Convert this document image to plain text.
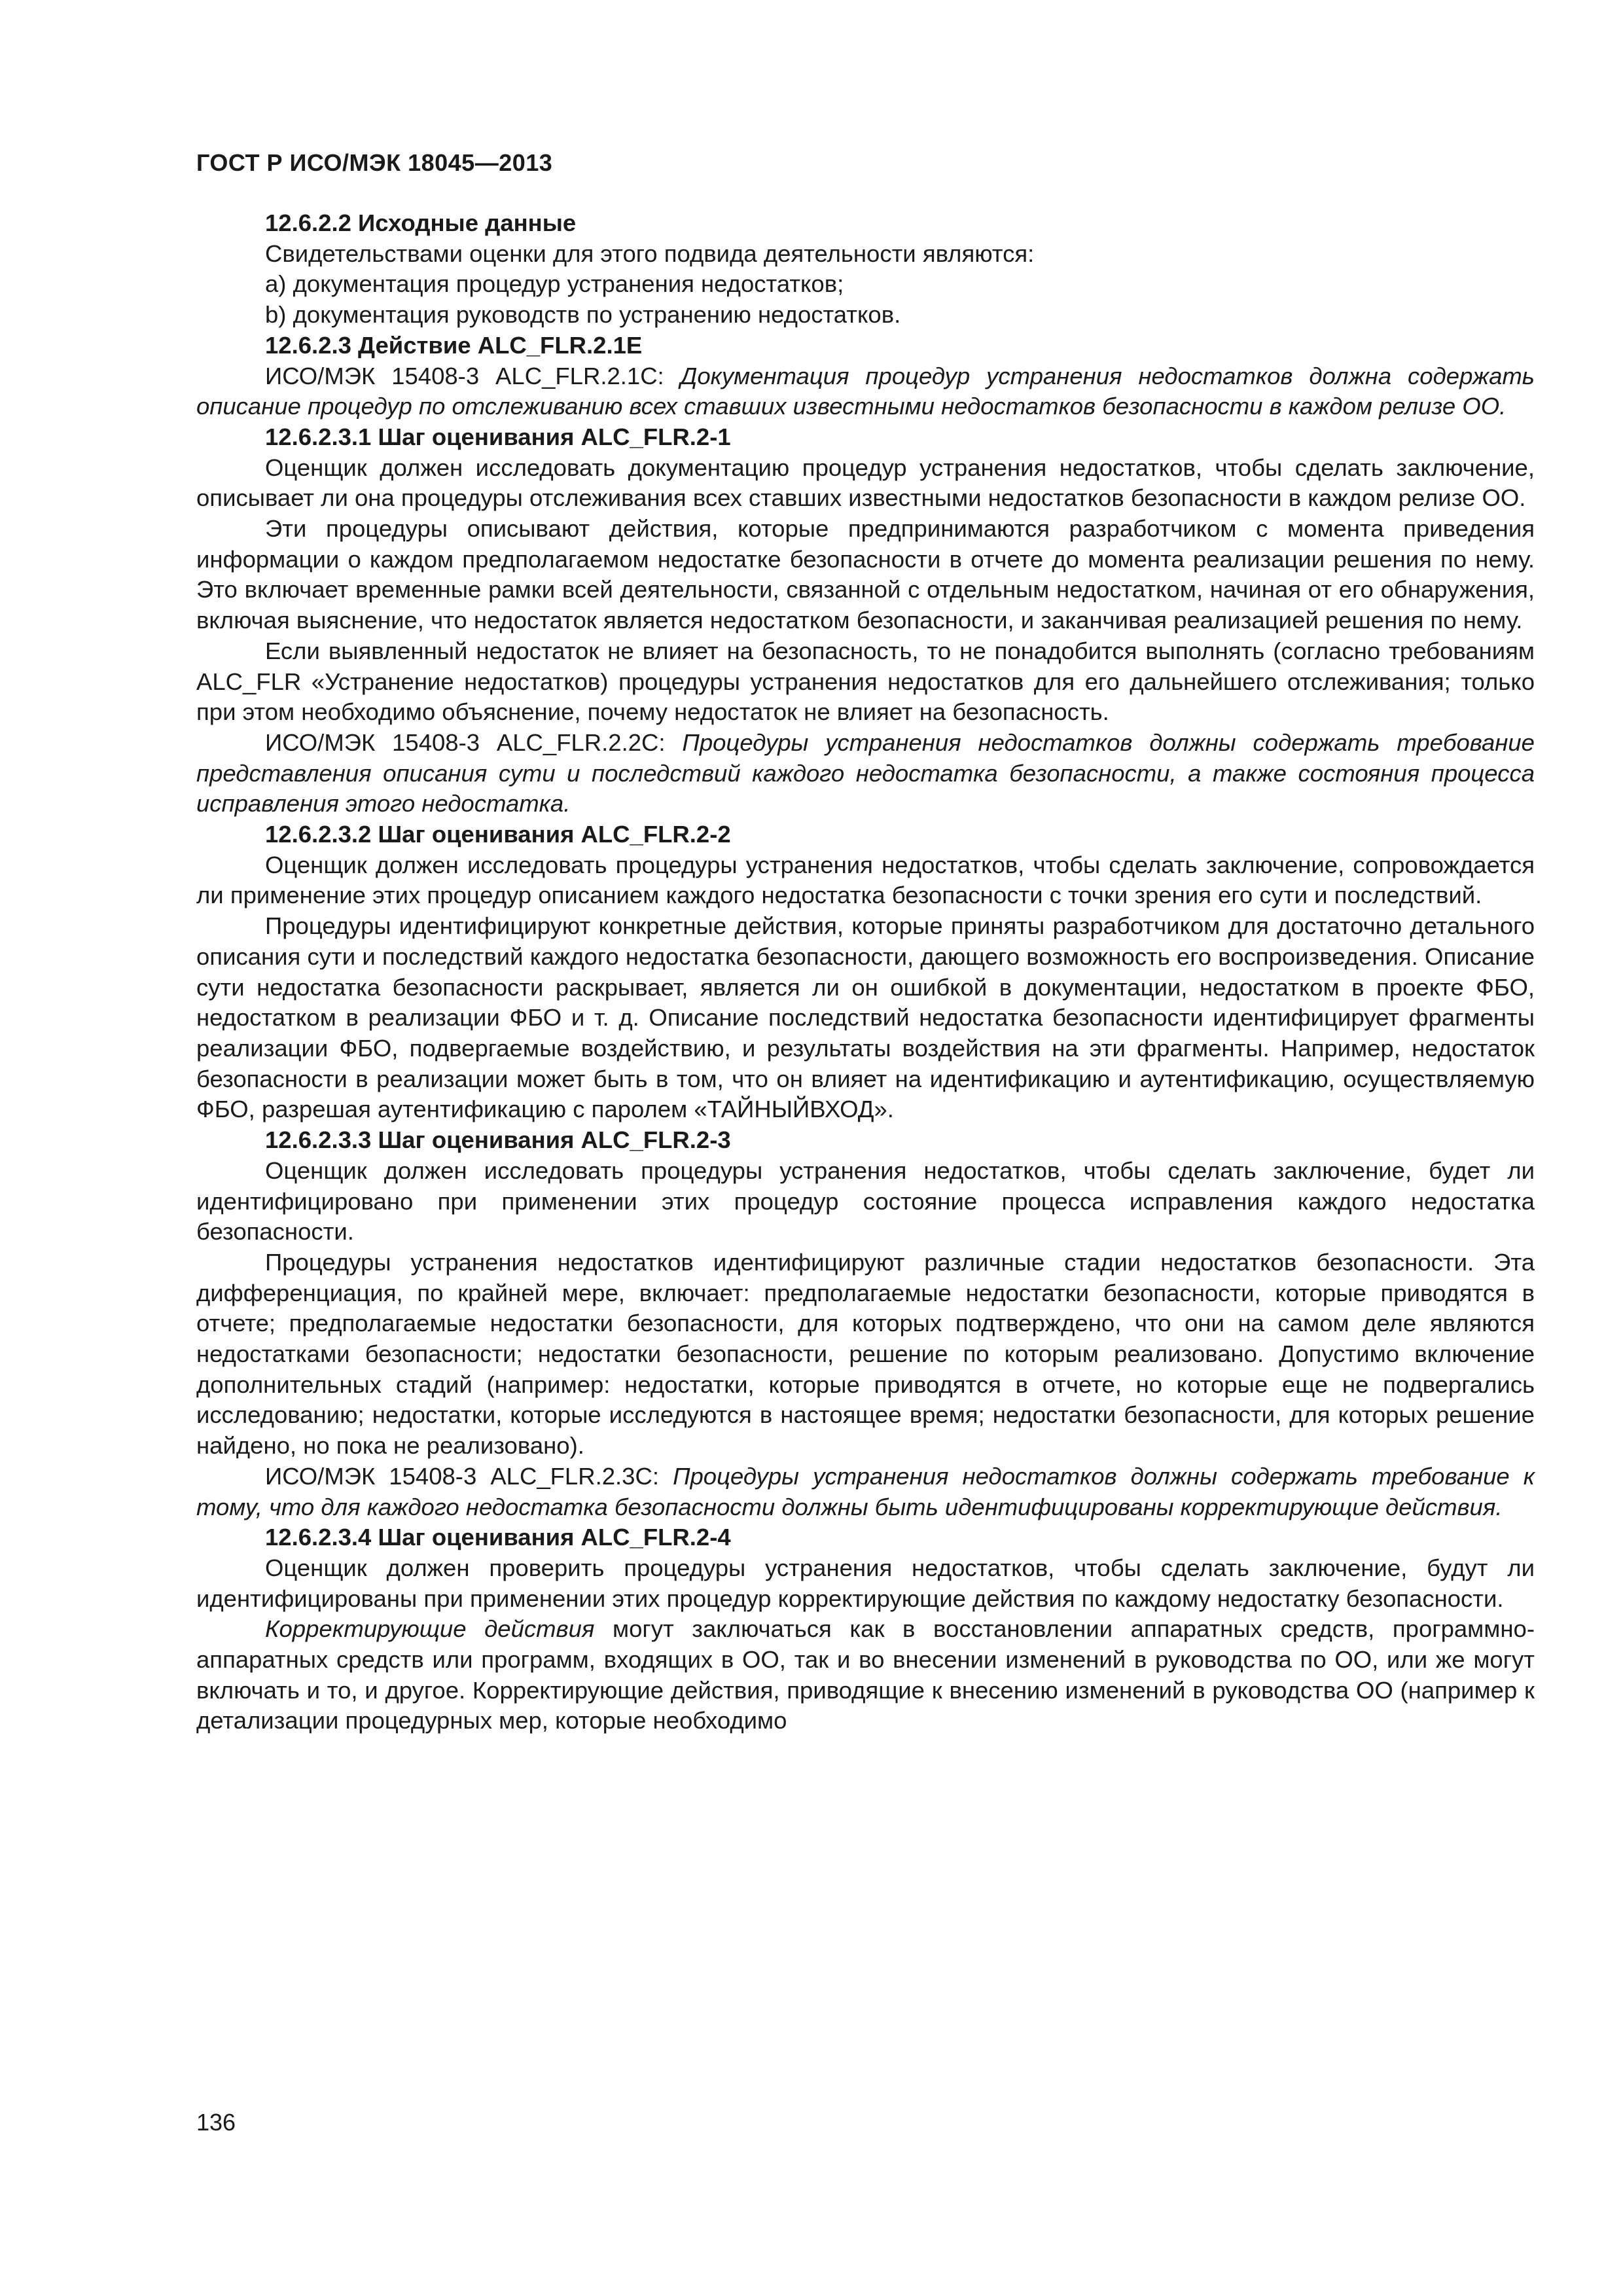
ГОСТ Р ИСО/МЭК 18045—2013

12.6.2.2 Исходные данные

Свидетельствами оценки для этого подвида деятельности являются:

a) документация процедур устранения недостатков;

b) документация руководств по устранению недостатков.

12.6.2.3 Действие ALC_FLR.2.1E

ИСО/МЭК 15408-3 ALC_FLR.2.1C: Документация процедур устранения недостатков должна содержать описание процедур по отслеживанию всех ставших известными недостатков безопасности в каждом релизе ОО.

12.6.2.3.1 Шаг оценивания ALC_FLR.2-1

Оценщик должен исследовать документацию процедур устранения недостатков, чтобы сделать заключение, описывает ли она процедуры отслеживания всех ставших известными недостатков безопасности в каждом релизе ОО.

Эти процедуры описывают действия, которые предпринимаются разработчиком с момента приведения информации о каждом предполагаемом недостатке безопасности в отчете до момента реализации решения по нему. Это включает временные рамки всей деятельности, связанной с отдельным недостатком, начиная от его обнаружения, включая выяснение, что недостаток является недостатком безопасности, и заканчивая реализацией решения по нему.

Если выявленный недостаток не влияет на безопасность, то не понадобится выполнять (согласно требованиям ALC_FLR «Устранение недостатков) процедуры устранения недостатков для его дальнейшего отслеживания; только при этом необходимо объяснение, почему недостаток не влияет на безопасность.

ИСО/МЭК 15408-3 ALC_FLR.2.2C: Процедуры устранения недостатков должны содержать требование представления описания сути и последствий каждого недостатка безопасности, а также состояния процесса исправления этого недостатка.

12.6.2.3.2 Шаг оценивания ALC_FLR.2-2

Оценщик должен исследовать процедуры устранения недостатков, чтобы сделать заключение, сопровождается ли применение этих процедур описанием каждого недостатка безопасности с точки зрения его сути и последствий.

Процедуры идентифицируют конкретные действия, которые приняты разработчиком для достаточно детального описания сути и последствий каждого недостатка безопасности, дающего возможность его воспроизведения. Описание сути недостатка безопасности раскрывает, является ли он ошибкой в документации, недостатком в проекте ФБО, недостатком в реализации ФБО и т. д. Описание последствий недостатка безопасности идентифицирует фрагменты реализации ФБО, подвергаемые воздействию, и результаты воздействия на эти фрагменты. Например, недостаток безопасности в реализации может быть в том, что он влияет на идентификацию и аутентификацию, осуществляемую ФБО, разрешая аутентификацию с паролем «ТАЙНЫЙВХОД».

12.6.2.3.3 Шаг оценивания ALC_FLR.2-3

Оценщик должен исследовать процедуры устранения недостатков, чтобы сделать заключение, будет ли идентифицировано при применении этих процедур состояние процесса исправления каждого недостатка безопасности.

Процедуры устранения недостатков идентифицируют различные стадии недостатков безопасности. Эта дифференциация, по крайней мере, включает: предполагаемые недостатки безопасности, которые приводятся в отчете; предполагаемые недостатки безопасности, для которых подтверждено, что они на самом деле являются недостатками безопасности; недостатки безопасности, решение по которым реализовано. Допустимо включение дополнительных стадий (например: недостатки, которые приводятся в отчете, но которые еще не подвергались исследованию; недостатки, которые исследуются в настоящее время; недостатки безопасности, для которых решение найдено, но пока не реализовано).

ИСО/МЭК 15408-3 ALC_FLR.2.3C: Процедуры устранения недостатков должны содержать требование к тому, что для каждого недостатка безопасности должны быть идентифицированы корректирующие действия.

12.6.2.3.4 Шаг оценивания ALC_FLR.2-4

Оценщик должен проверить процедуры устранения недостатков, чтобы сделать заключение, будут ли идентифицированы при применении этих процедур корректирующие действия по каждому недостатку безопасности.

Корректирующие действия могут заключаться как в восстановлении аппаратных средств, программно-аппаратных средств или программ, входящих в ОО, так и во внесении изменений в руководства по ОО, или же могут включать и то, и другое. Корректирующие действия, приводящие к внесению изменений в руководства ОО (например к детализации процедурных мер, которые необходимо

136
